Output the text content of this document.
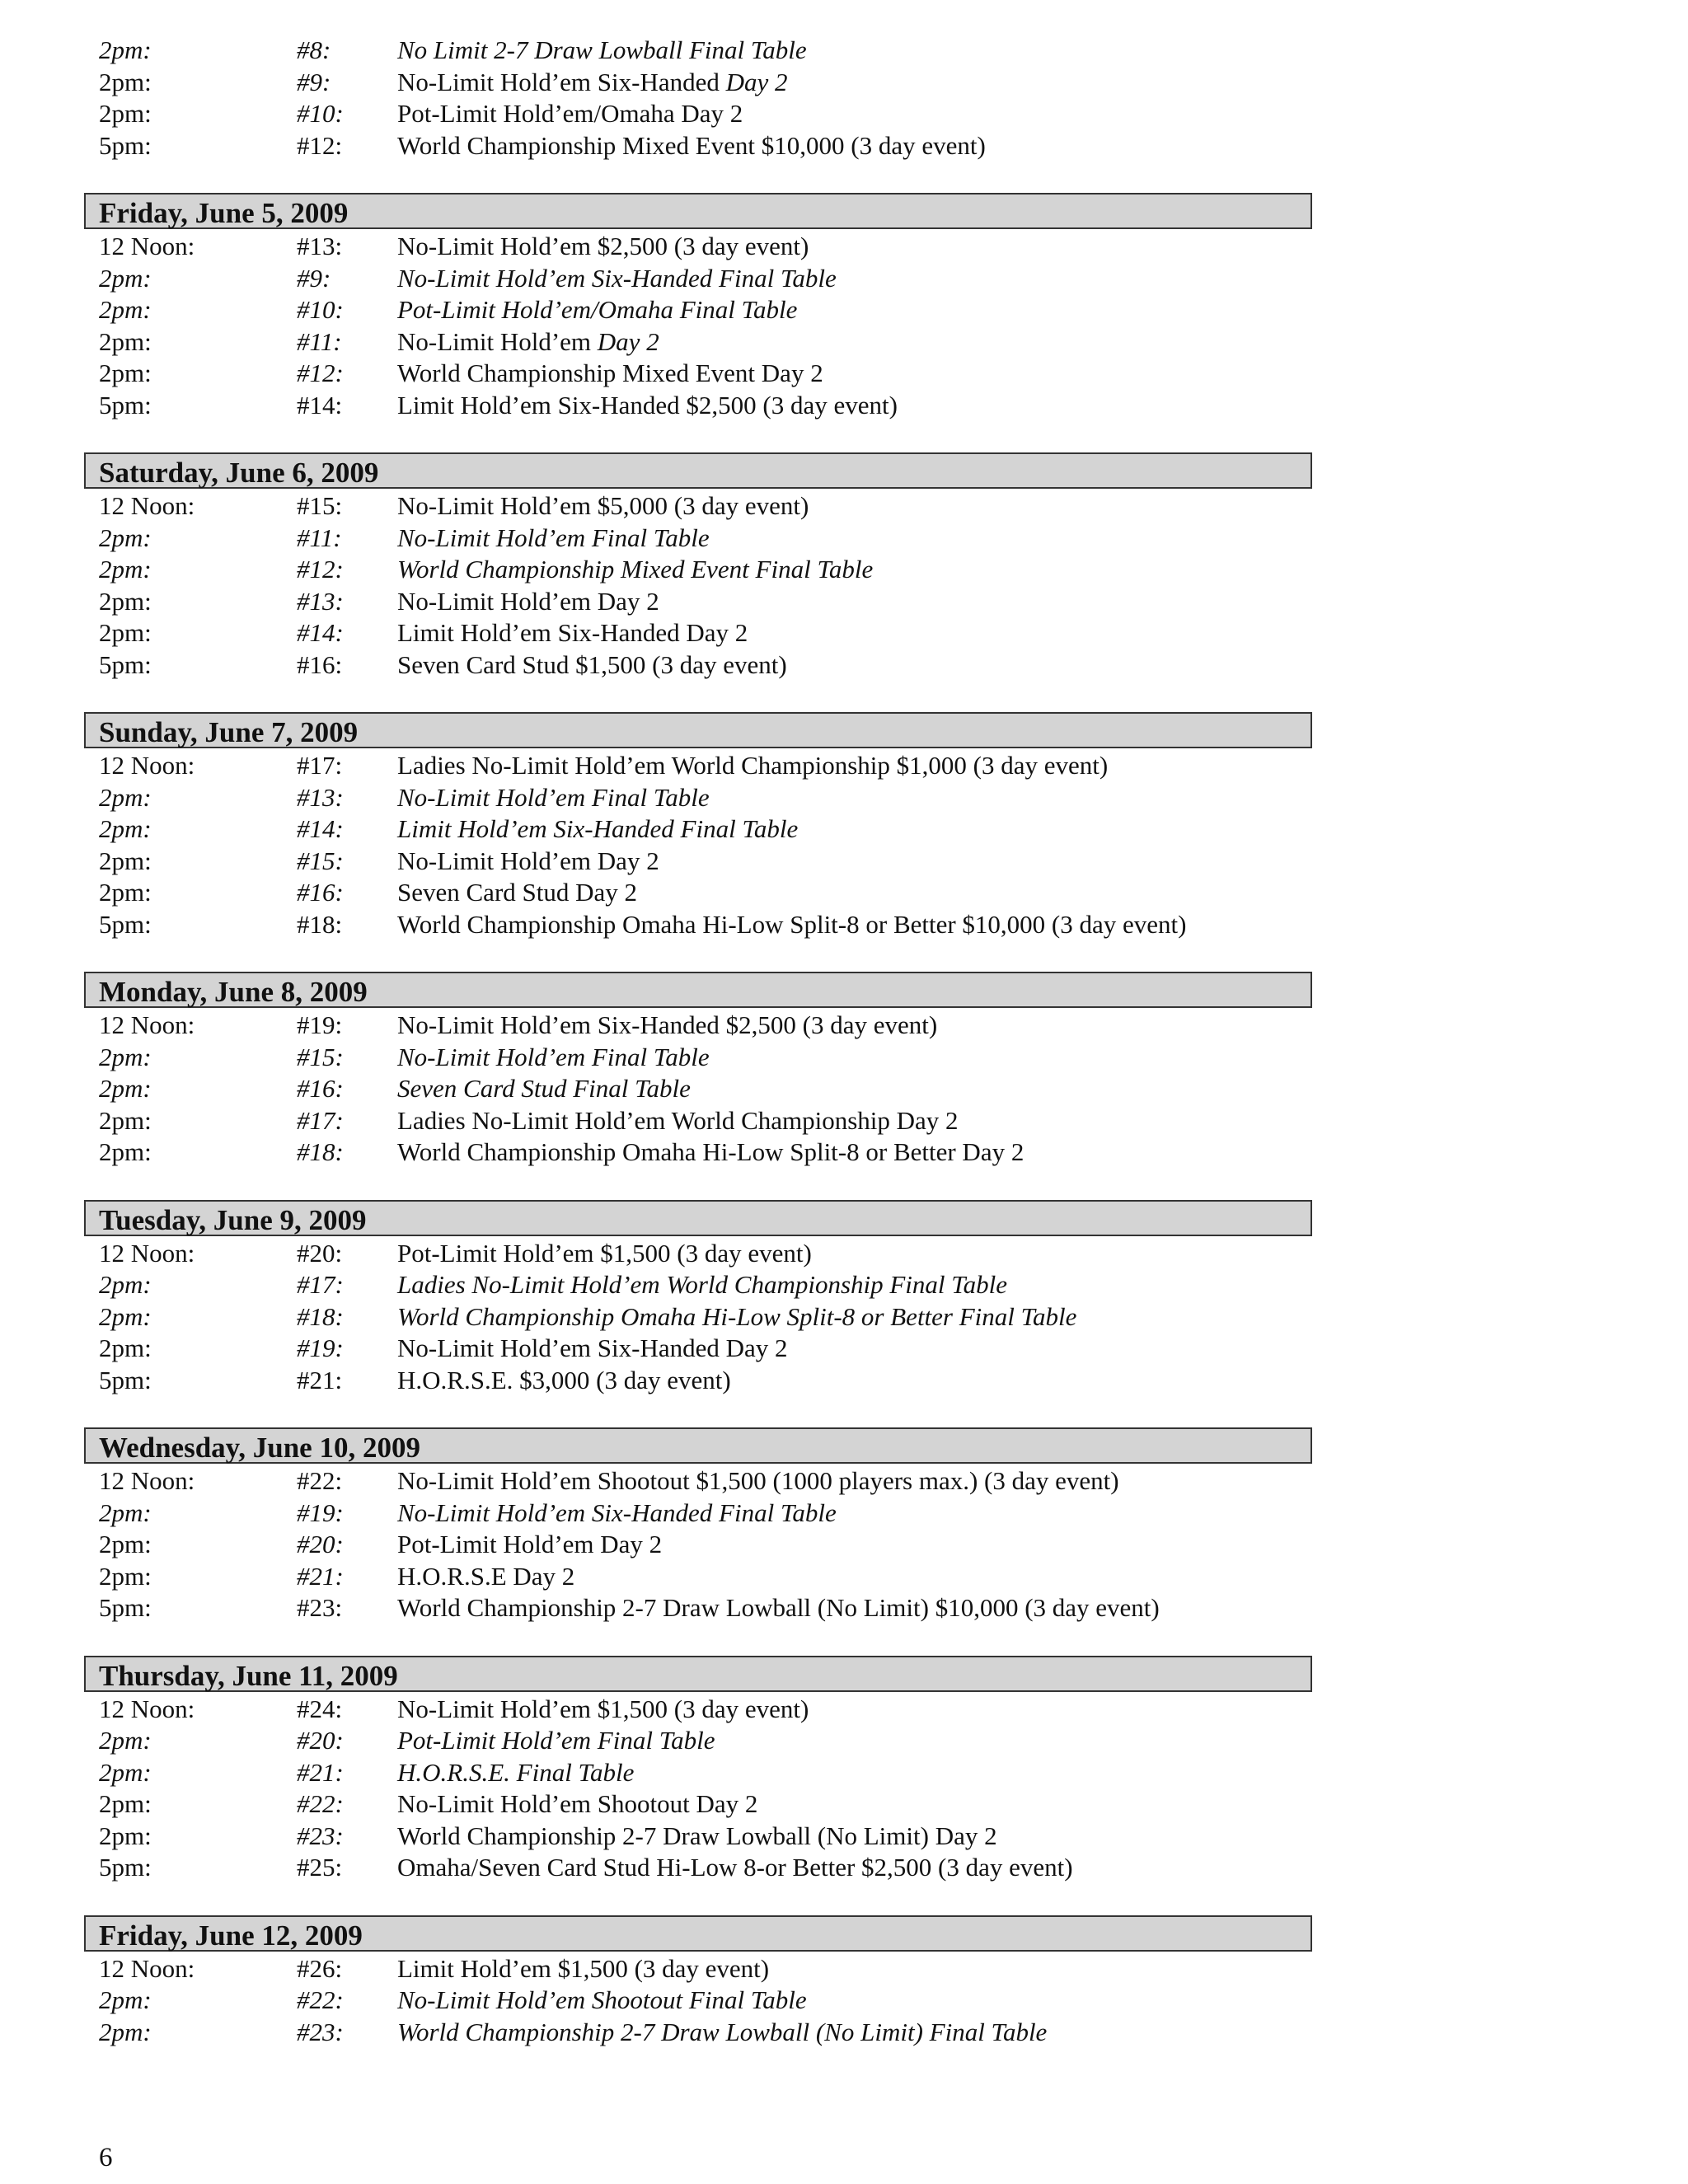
2pm:	#8:	No Limit 2-7 Draw Lowball Final Table
2pm:	#9:	No-Limit Hold’em Six-Handed Day 2
2pm:	#10: Pot-Limit Hold’em/Omaha Day 2
5pm:	#12: World Championship Mixed Event $10,000 (3 day event)
Friday, June 5, 2009
12 Noon:	#13: No-Limit Hold’em $2,500 (3 day event)
2pm:	#9:	No-Limit Hold’em Six-Handed Final Table
2pm:	#10: Pot-Limit Hold’em/Omaha Final Table
2pm:	#11: No-Limit Hold’em Day 2
2pm:	#12: World Championship Mixed Event Day 2
5pm:	#14: Limit Hold’em Six-Handed $2,500 (3 day event)
Saturday, June 6, 2009
12 Noon:	#15: No-Limit Hold’em $5,000 (3 day event)
2pm:	#11: No-Limit Hold’em Final Table
2pm:	#12: World Championship Mixed Event Final Table
2pm:	#13: No-Limit Hold’em Day 2
2pm:	#14: Limit Hold’em Six-Handed Day 2
5pm:	#16: Seven Card Stud $1,500 (3 day event)
Sunday, June 7, 2009
12 Noon:	#17: Ladies No-Limit Hold’em World Championship $1,000 (3 day event)
2pm:	#13: No-Limit Hold’em Final Table
2pm:	#14: Limit Hold’em Six-Handed Final Table
2pm:	#15: No-Limit Hold’em Day 2
2pm:	#16: Seven Card Stud Day 2
5pm:	#18: World Championship Omaha Hi-Low Split-8 or Better $10,000 (3 day event)
Monday, June 8, 2009
12 Noon:	#19: No-Limit Hold’em Six-Handed $2,500 (3 day event)
2pm:	#15: No-Limit Hold’em Final Table
2pm:	#16: Seven Card Stud Final Table
2pm:	#17: Ladies No-Limit Hold’em World Championship Day 2
2pm:	#18: World Championship Omaha Hi-Low Split-8 or Better Day 2
Tuesday, June 9, 2009
12 Noon:	#20: Pot-Limit Hold’em $1,500 (3 day event)
2pm:	#17: Ladies No-Limit Hold’em World Championship Final Table
2pm:	#18: World Championship Omaha Hi-Low Split-8 or Better Final Table
2pm:	#19: No-Limit Hold’em Six-Handed Day 2
5pm:	#21: H.O.R.S.E. $3,000 (3 day event)
Wednesday, June 10, 2009
12 Noon:	#22: No-Limit Hold’em Shootout $1,500 (1000 players max.) (3 day event)
2pm:	#19: No-Limit Hold’em Six-Handed Final Table
2pm:	#20: Pot-Limit Hold’em Day 2
2pm:	#21: H.O.R.S.E Day 2
5pm:	#23: World Championship 2-7 Draw Lowball (No Limit) $10,000 (3 day event)
Thursday, June 11, 2009
12 Noon:	#24: No-Limit Hold’em $1,500 (3 day event)
2pm:	#20: Pot-Limit Hold’em Final Table
2pm:	#21: H.O.R.S.E. Final Table
2pm:	#22: No-Limit Hold’em Shootout Day 2
2pm:	#23: World Championship 2-7 Draw Lowball (No Limit) Day 2
5pm:	#25: Omaha/Seven Card Stud Hi-Low 8-or Better $2,500 (3 day event)
Friday, June 12, 2009
12 Noon:	#26: Limit Hold’em $1,500 (3 day event)
2pm:	#22: No-Limit Hold’em Shootout Final Table
2pm:	#23: World Championship 2-7 Draw Lowball (No Limit) Final Table
6
